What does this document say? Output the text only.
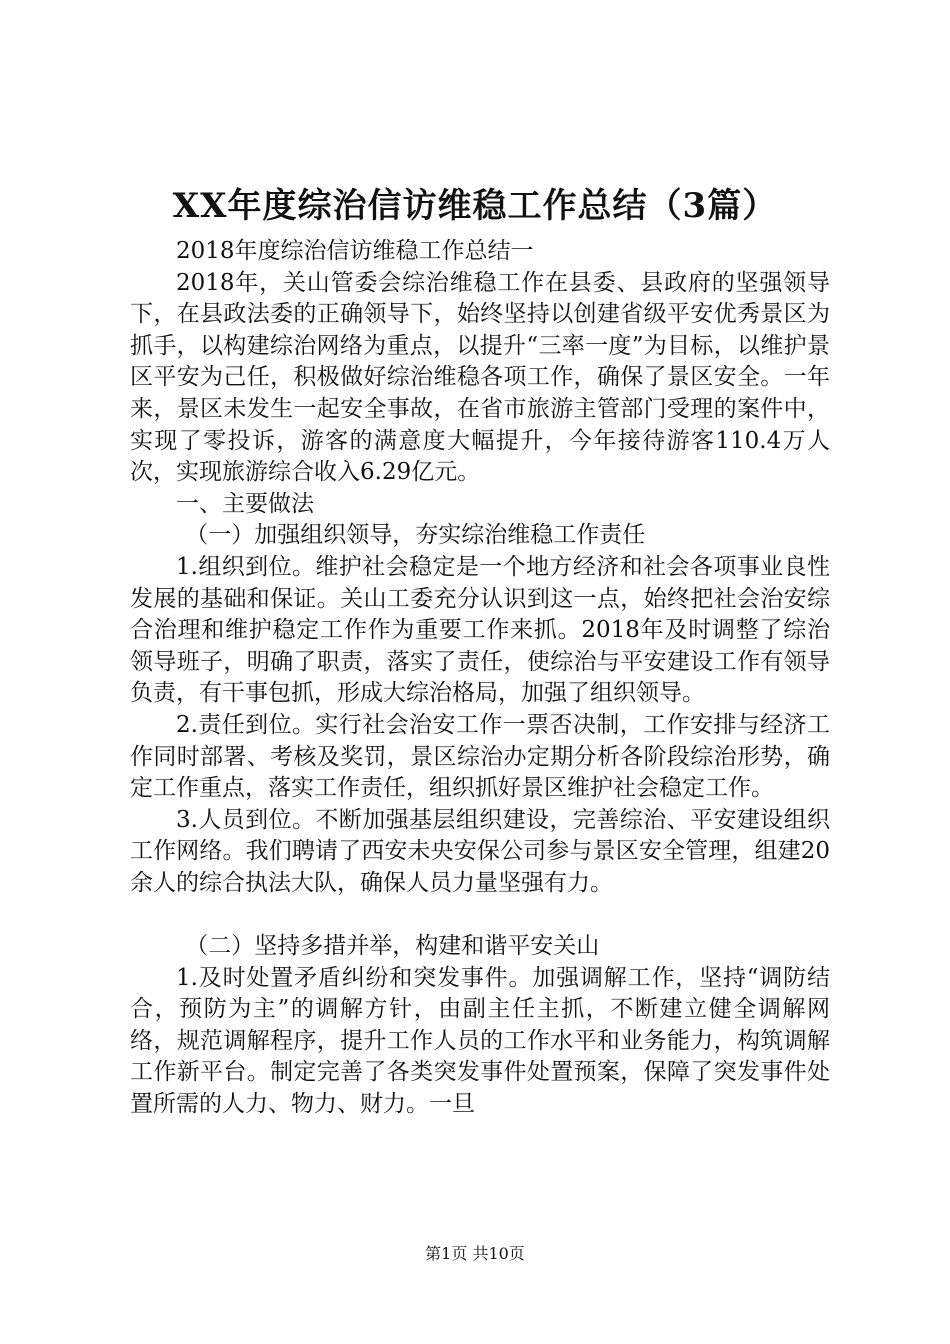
XX年度综治信访维稳工作总结（3篇）

2018年度综治信访维稳工作总结一

2018年，关山管委会综治维稳工作在县委、县政府的坚强领导下，在县政法委的正确领导下，始终坚持以创建省级平安优秀景区为抓手，以构建综治网络为重点，以提升“三率一度”为目标，以维护景区平安为己任，积极做好综治维稳各项工作，确保了景区安全。一年来，景区未发生一起安全事故，在省市旅游主管部门受理的案件中，实现了零投诉，游客的满意度大幅提升，今年接待游客110.4万人次，实现旅游综合收入6.29亿元。

一、主要做法

（一）加强组织领导，夯实综治维稳工作责任

1.组织到位。维护社会稳定是一个地方经济和社会各项事业良性发展的基础和保证。关山工委充分认识到这一点，始终把社会治安综合治理和维护稳定工作作为重要工作来抓。2018年及时调整了综治领导班子，明确了职责，落实了责任，使综治与平安建设工作有领导负责，有干事包抓，形成大综治格局，加强了组织领导。

2.责任到位。实行社会治安工作一票否决制，工作安排与经济工作同时部署、考核及奖罚，景区综治办定期分析各阶段综治形势，确定工作重点，落实工作责任，组织抓好景区维护社会稳定工作。

3.人员到位。不断加强基层组织建设，完善综治、平安建设组织工作网络。我们聘请了西安未央安保公司参与景区安全管理，组建20余人的综合执法大队，确保人员力量坚强有力。

（二）坚持多措并举，构建和谐平安关山

1.及时处置矛盾纠纷和突发事件。加强调解工作，坚持“调防结合，预防为主”的调解方针，由副主任主抓，不断建立健全调解网络，规范调解程序，提升工作人员的工作水平和业务能力，构筑调解工作新平台。制定完善了各类突发事件处置预案，保障了突发事件处置所需的人力、物力、财力。一旦

第1页 共10页
